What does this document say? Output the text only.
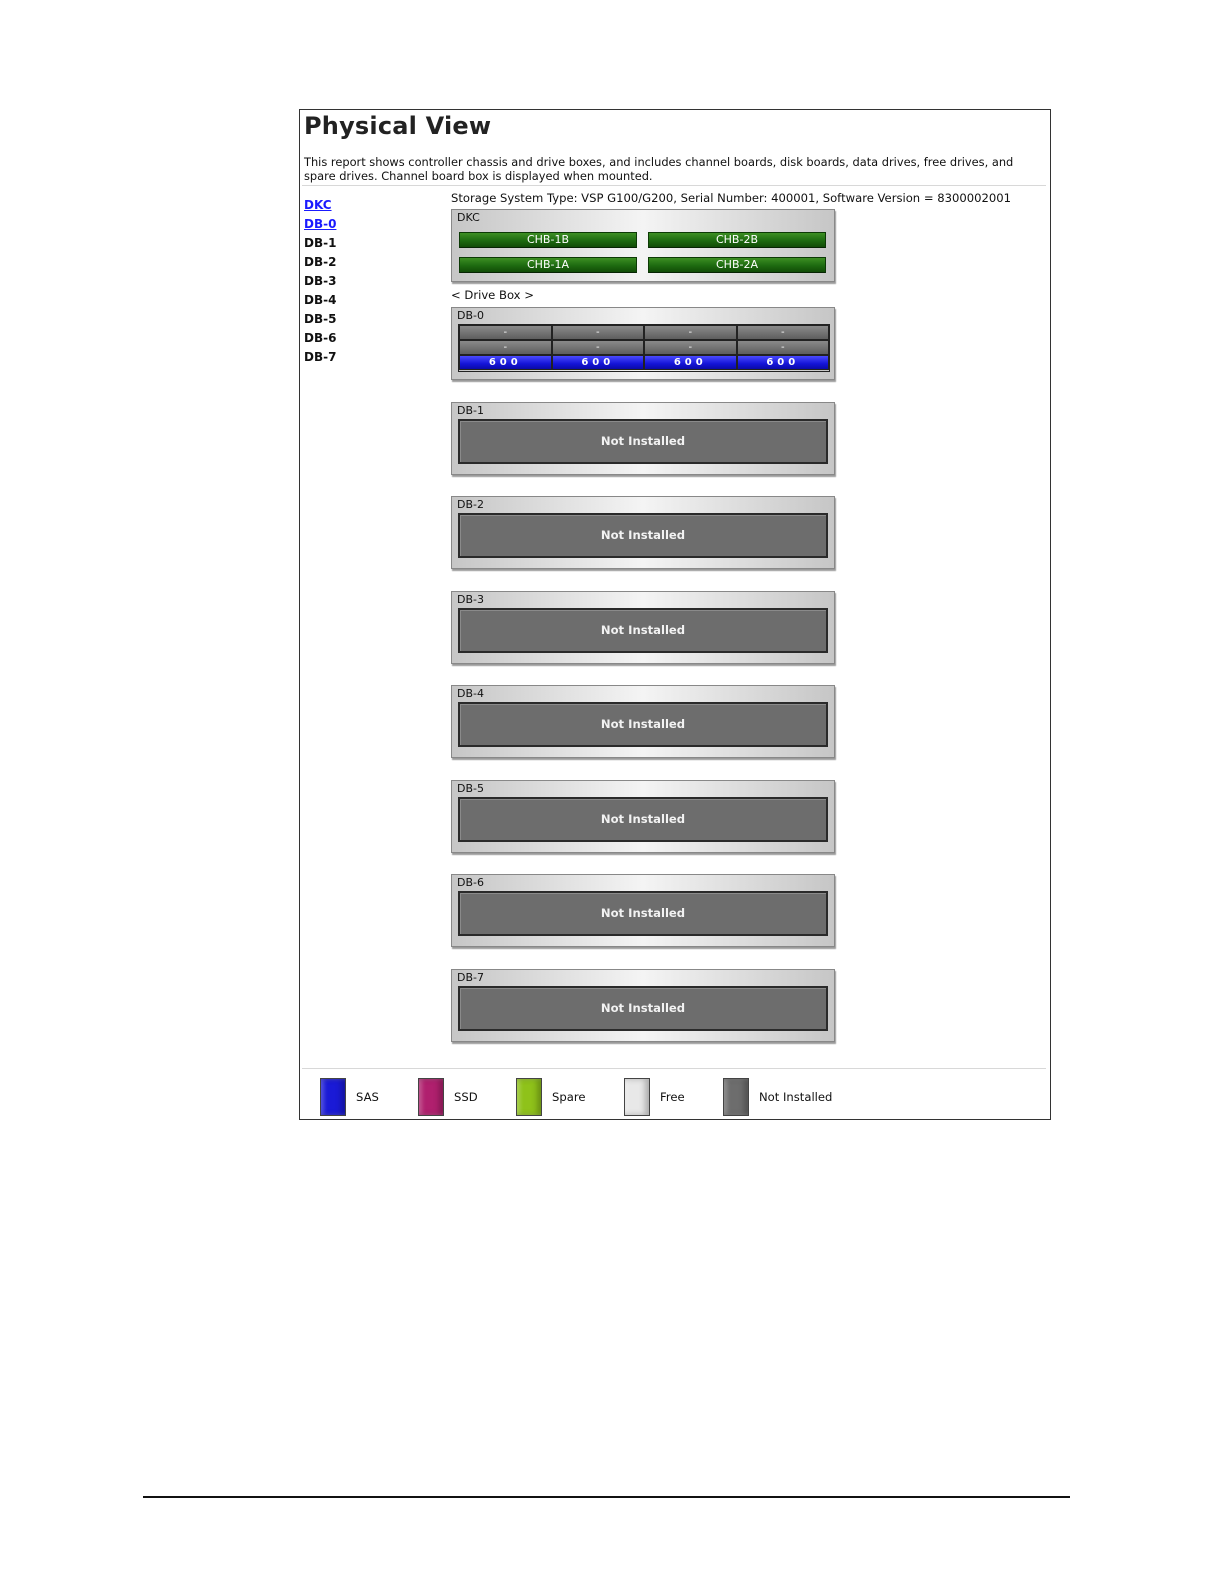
Physical View
This report shows controller chassis and drive boxes, and includes channel boards, disk boards, data drives, free drives, and spare drives. Channel board box is displayed when mounted.
DKC
DB-0
DB-1
DB-2
DB-3
DB-4
DB-5
DB-6
DB-7
Storage System Type: VSP G100/G200, Serial Number: 400001, Software Version = 8300002001
DKC
CHB-1B	CHB-2B
CHB-1A	CHB-2A
< Drive Box >
DB-0
-	-	-	-
-	-	-	-
600	600	600	600
DB-1
Not Installed
DB-2
Not Installed
DB-3
Not Installed
DB-4
Not Installed
DB-5
Not Installed
DB-6
Not Installed
DB-7
Not Installed
SAS	SSD	Spare	Free	Not Installed
